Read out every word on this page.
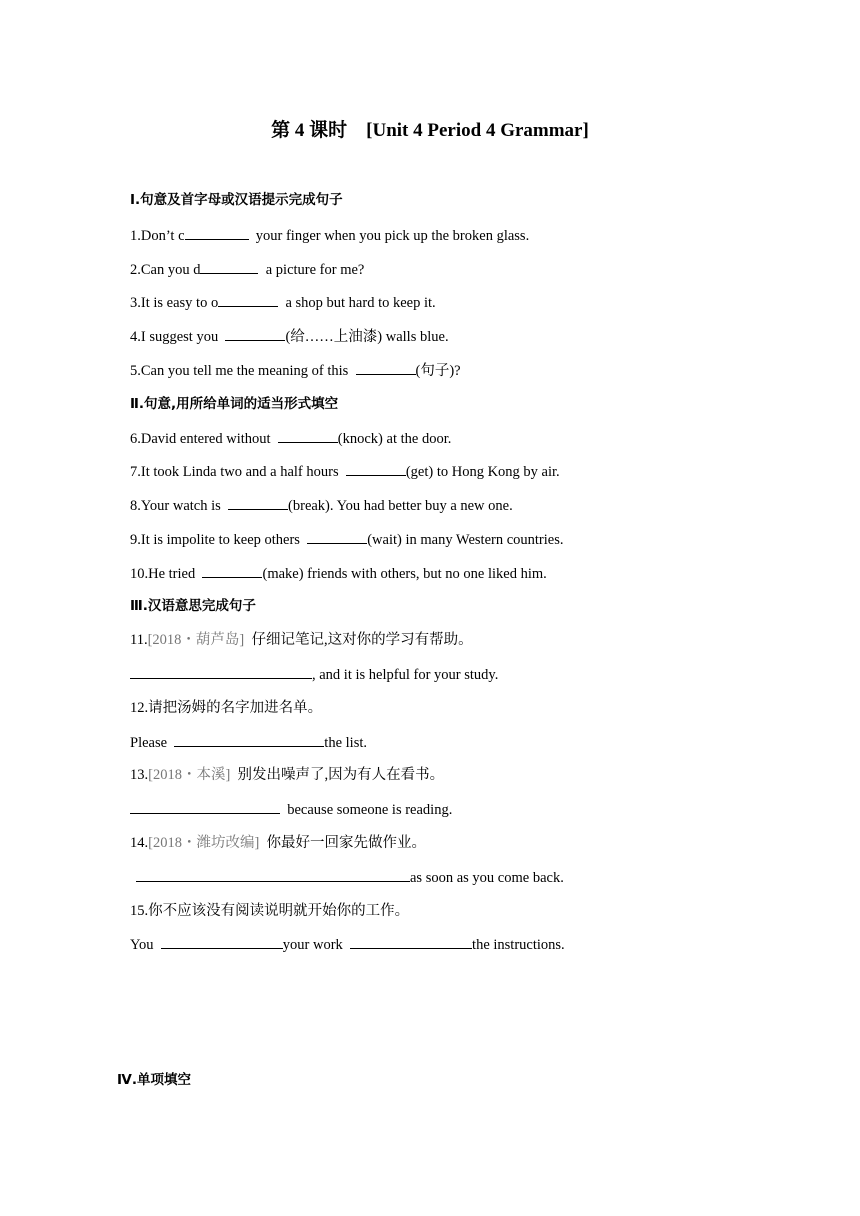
第 4 课时    [Unit 4 Period 4 Grammar]
Ⅰ.句意及首字母或汉语提示完成句子
1.Don’t c	your finger when you pick up the broken glass.
2.Can you d	a picture for me?
3.It is easy to o	a shop but hard to keep it.
4.I suggest you	(给……上油漆) walls blue.
5.Can you tell me the meaning of this	(句子)?
Ⅱ.句意,用所给单词的适当形式填空
6.David entered without	(knock) at the door.
7.It took Linda two and a half hours	(get) to Hong Kong by air.
8.Your watch is	(break). You had better buy a new one.
9.It is impolite to keep others	(wait) in many Western countries.
10.He tried	(make) friends with others, but no one liked him.
Ⅲ.汉语意思完成句子
11.[2018・葫芦岛]  仔细记笔记,这对你的学习有帮助。
, and it is helpful for your study.
12.请把汤姆的名字加进名单。
Please	the list.
13.[2018・本溪]  别发出噪声了,因为有人在看书。
because someone is reading.
14.[2018・潍坊改编]  你最好一回家先做作业。
as soon as you come back.
15.你不应该没有阅读说明就开始你的工作。
You	your work	the instructions.
Ⅳ.单项填空
